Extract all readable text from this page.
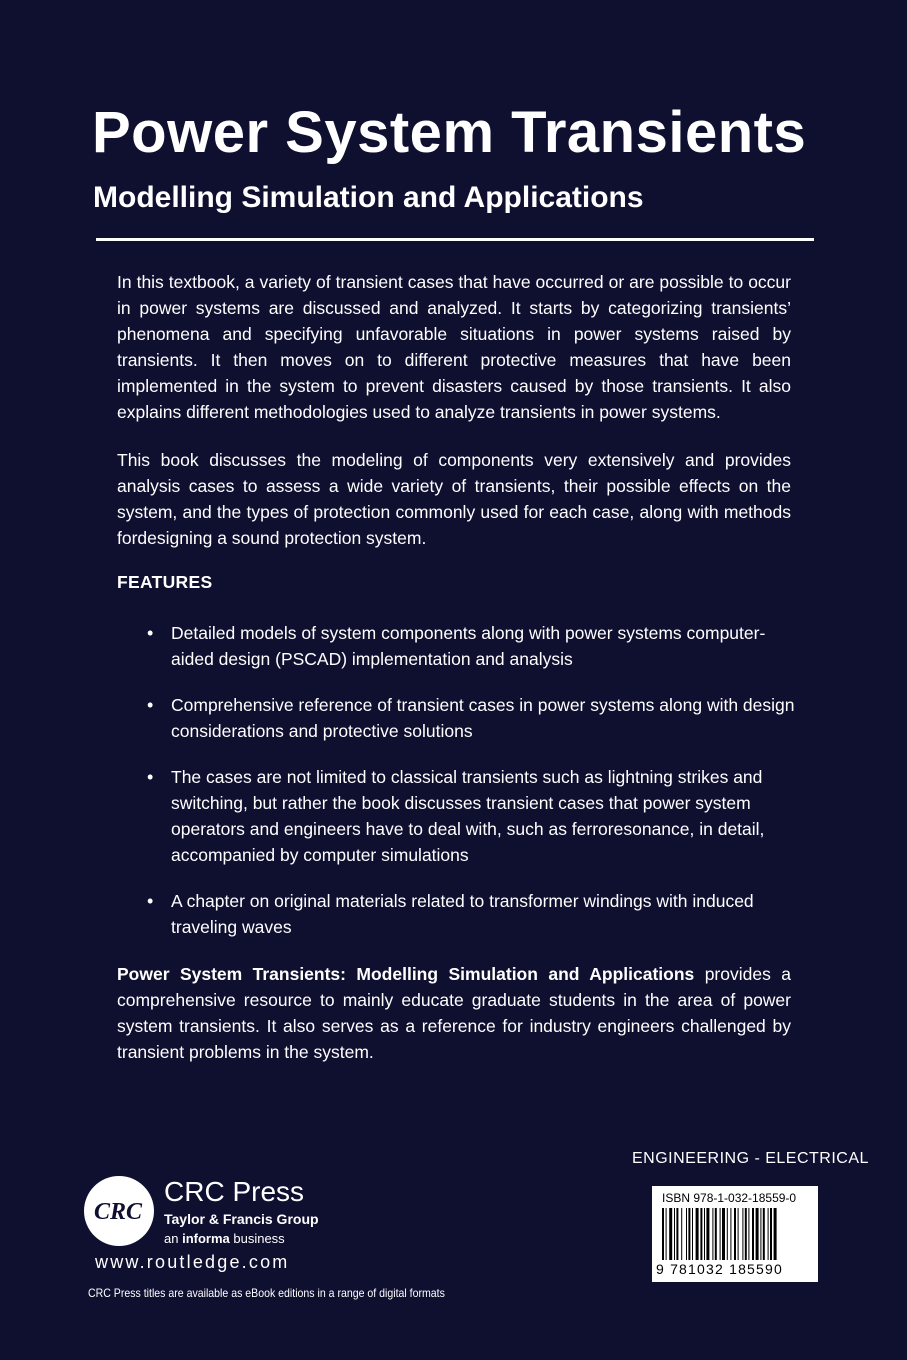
Power System Transients
Modelling Simulation and Applications
In this textbook, a variety of transient cases that have occurred or are possible to occur in power systems are discussed and analyzed. It starts by categorizing transients’ phenomena and specifying unfavorable situations in power systems raised by transients. It then moves on to different protective measures that have been implemented in the system to prevent disasters caused by those transients. It also explains different methodologies used to analyze transients in power systems.
This book discusses the modeling of components very extensively and provides analysis cases to assess a wide variety of transients, their possible effects on the system, and the types of protection commonly used for each case, along with methods fordesigning a sound protection system.
FEATURES
• Detailed models of system components along with power systems computer-aided design (PSCAD) implementation and analysis
• Comprehensive reference of transient cases in power systems along with design considerations and protective solutions
• The cases are not limited to classical transients such as lightning strikes and switching, but rather the book discusses transient cases that power system operators and engineers have to deal with, such as ferroresonance, in detail, accompanied by computer simulations
• A chapter on original materials related to transformer windings with induced traveling waves
Power System Transients: Modelling Simulation and Applications provides a comprehensive resource to mainly educate graduate students in the area of power system transients. It also serves as a reference for industry engineers challenged by transient problems in the system.
ENGINEERING - ELECTRICAL
ISBN 978-1-032-18559-0
9 781032 185590
CRC
CRC Press
Taylor & Francis Group
an informa business
www.routledge.com
CRC Press titles are available as eBook editions in a range of digital formats
